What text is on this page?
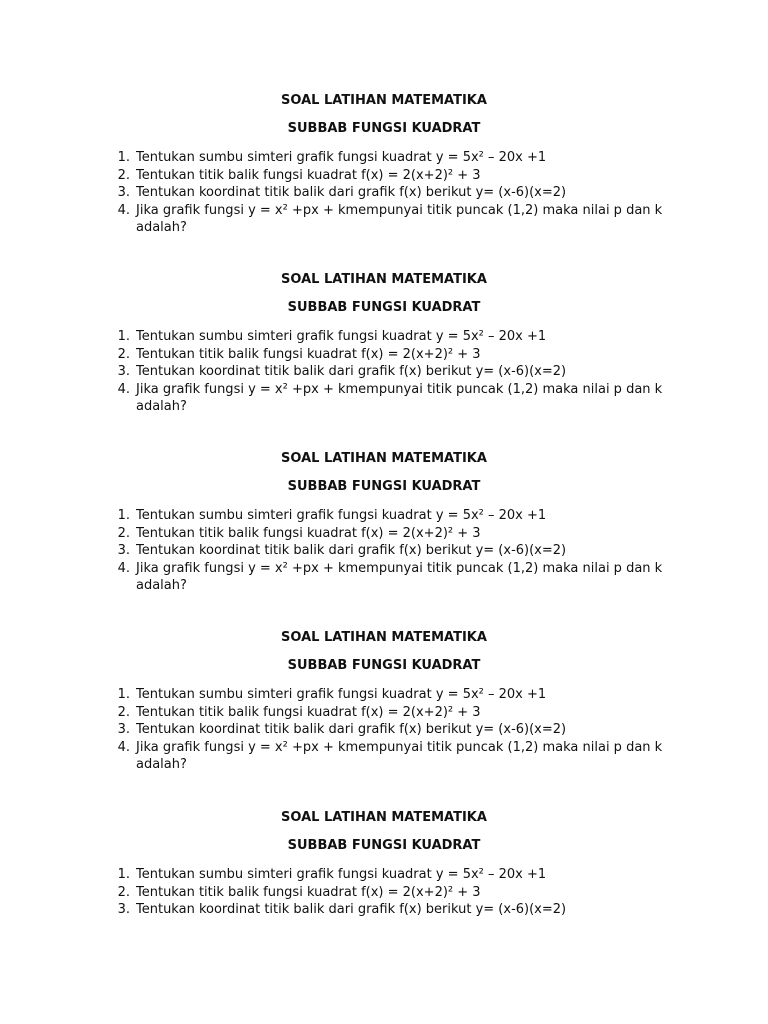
SOAL LATIHAN MATEMATIKA
SUBBAB FUNGSI KUADRAT
1. Tentukan sumbu simteri grafik fungsi kuadrat y = 5x² – 20x +1
2. Tentukan titik balik fungsi kuadrat f(x) = 2(x+2)² + 3
3. Tentukan koordinat titik balik dari grafik f(x) berikut y= (x-6)(x=2)
4. Jika grafik fungsi y = x² +px + kmempunyai titik puncak (1,2) maka nilai p dan k adalah?
SOAL LATIHAN MATEMATIKA
SUBBAB FUNGSI KUADRAT
1. Tentukan sumbu simteri grafik fungsi kuadrat y = 5x² – 20x +1
2. Tentukan titik balik fungsi kuadrat f(x) = 2(x+2)² + 3
3. Tentukan koordinat titik balik dari grafik f(x) berikut y= (x-6)(x=2)
4. Jika grafik fungsi y = x² +px + kmempunyai titik puncak (1,2) maka nilai p dan k adalah?
SOAL LATIHAN MATEMATIKA
SUBBAB FUNGSI KUADRAT
1. Tentukan sumbu simteri grafik fungsi kuadrat y = 5x² – 20x +1
2. Tentukan titik balik fungsi kuadrat f(x) = 2(x+2)² + 3
3. Tentukan koordinat titik balik dari grafik f(x) berikut y= (x-6)(x=2)
4. Jika grafik fungsi y = x² +px + kmempunyai titik puncak (1,2) maka nilai p dan k adalah?
SOAL LATIHAN MATEMATIKA
SUBBAB FUNGSI KUADRAT
1. Tentukan sumbu simteri grafik fungsi kuadrat y = 5x² – 20x +1
2. Tentukan titik balik fungsi kuadrat f(x) = 2(x+2)² + 3
3. Tentukan koordinat titik balik dari grafik f(x) berikut y= (x-6)(x=2)
4. Jika grafik fungsi y = x² +px + kmempunyai titik puncak (1,2) maka nilai p dan k adalah?
SOAL LATIHAN MATEMATIKA
SUBBAB FUNGSI KUADRAT
1. Tentukan sumbu simteri grafik fungsi kuadrat y = 5x² – 20x +1
2. Tentukan titik balik fungsi kuadrat f(x) = 2(x+2)² + 3
3. Tentukan koordinat titik balik dari grafik f(x) berikut y= (x-6)(x=2)
